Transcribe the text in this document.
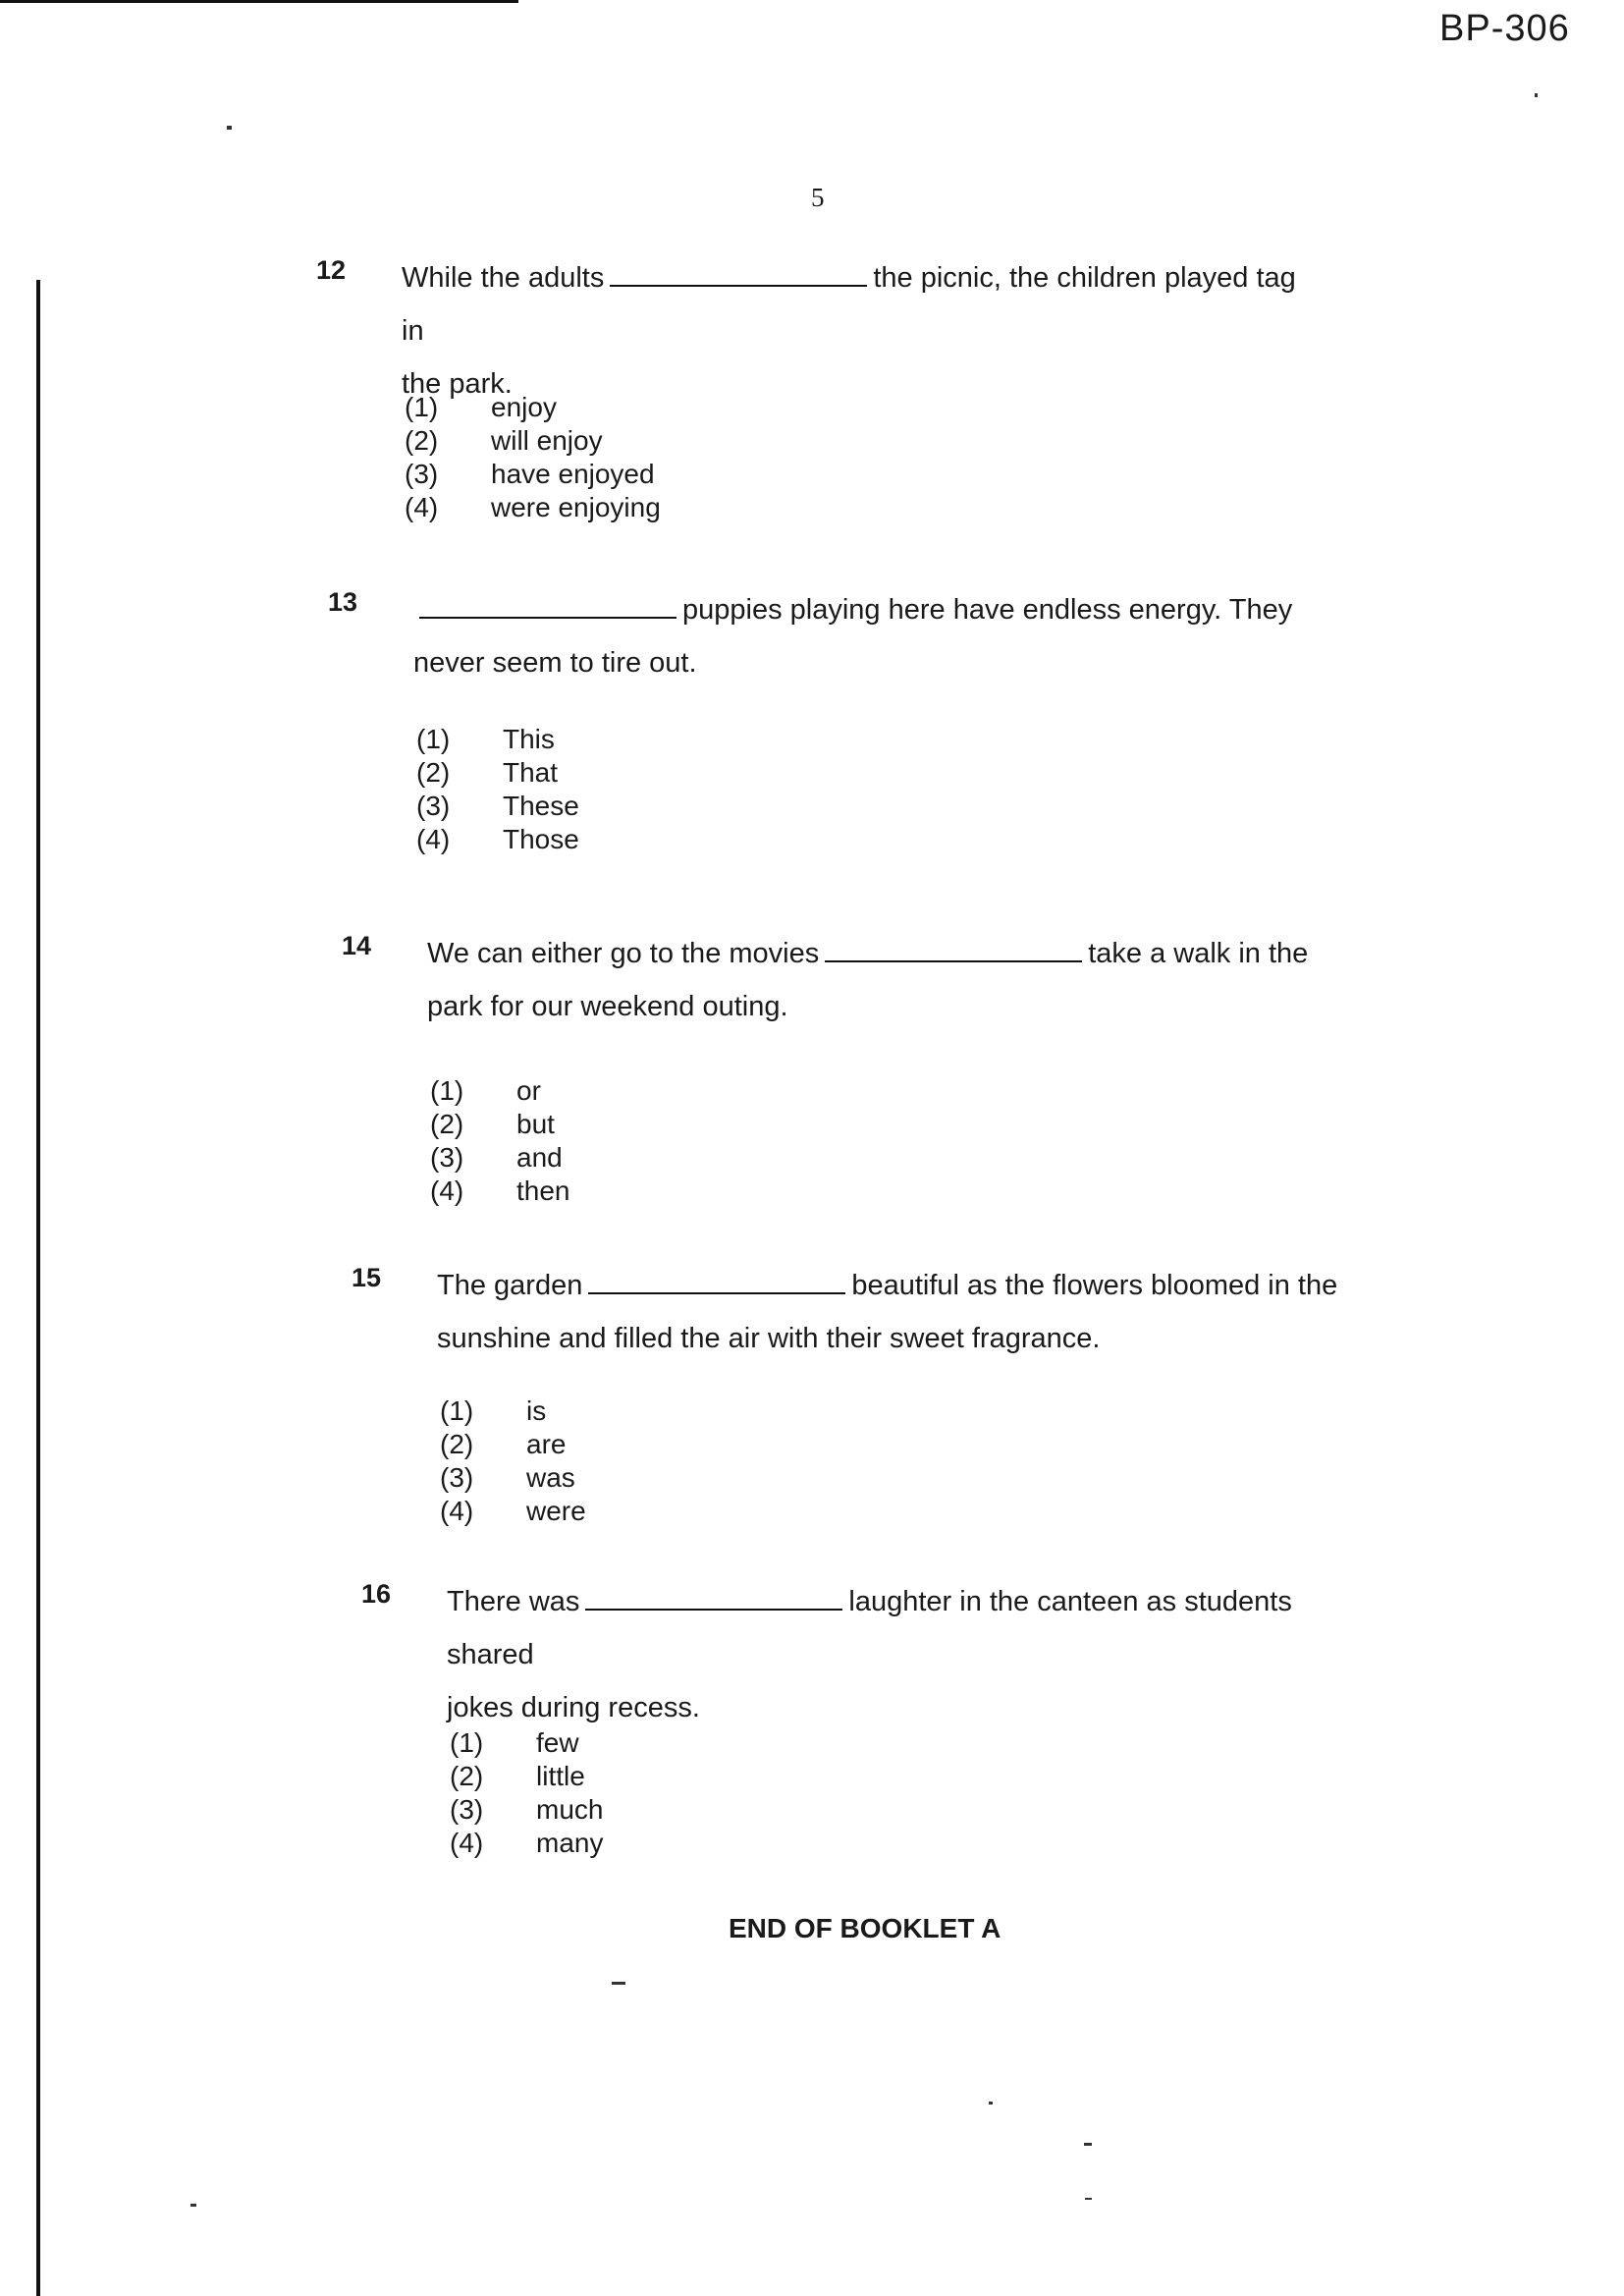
BP-306
5
12 While the adults	the picnic, the children played tag in
the park.
(1) enjoy
(2) will enjoy
(3) have enjoyed
(4) were enjoying
13	puppies playing here have endless energy. They
never seem to tire out.
(1) This
(2) That
(3) These
(4) Those
14 We can either go to the movies	take a walk in the
park for our weekend outing.
(1) or
(2) but
(3) and
(4) then
15 The garden	beautiful as the flowers bloomed in the
sunshine and filled the air with their sweet fragrance.
(1) is
(2) are
(3) was
(4) were
16 There was	laughter in the canteen as students shared
jokes during recess.
(1) few
(2) little
(3) much
(4) many
END OF BOOKLET A
